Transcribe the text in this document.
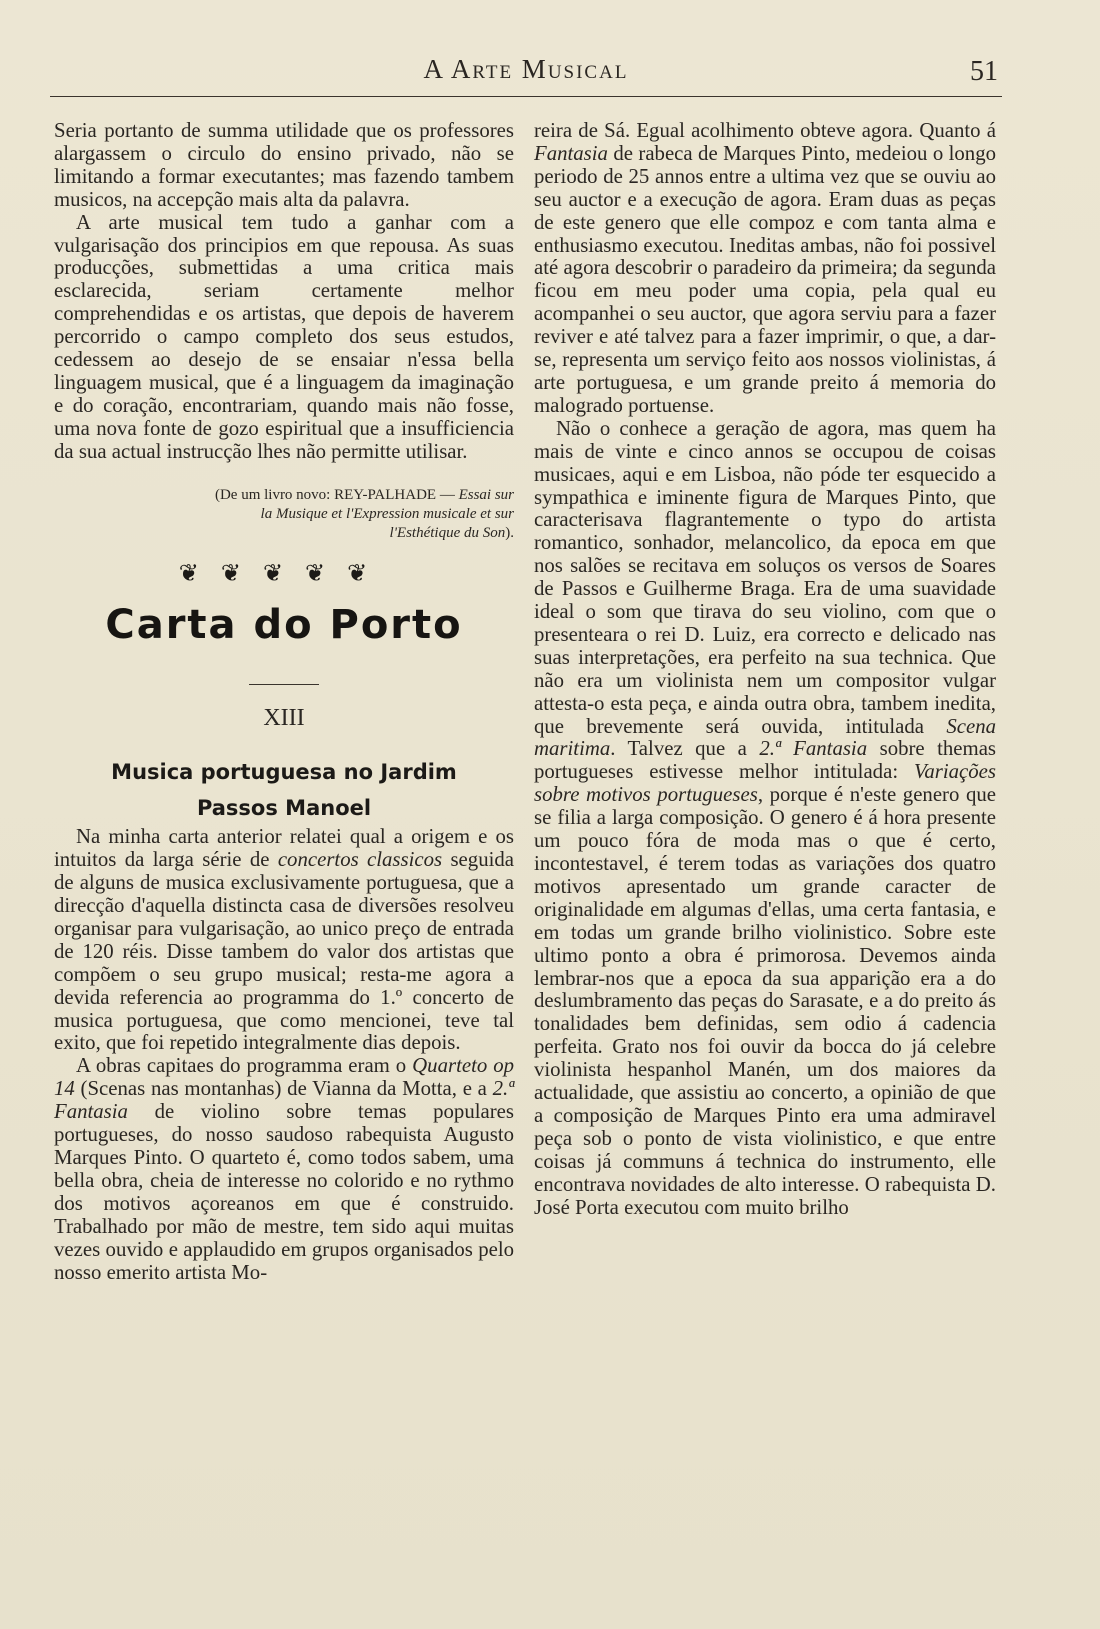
A Arte Musical	51

Seria portanto de summa utilidade que os professores alargassem o circulo do ensino privado, não se limitando a formar executantes; mas fazendo tambem musicos, na accepção mais alta da palavra.

A arte musical tem tudo a ganhar com a vulgarisação dos principios em que repousa. As suas producções, submettidas a uma critica mais esclarecida, seriam certamente melhor comprehendidas e os artistas, que depois de haverem percorrido o campo completo dos seus estudos, cedessem ao desejo de se ensaiar n'essa bella linguagem musical, que é a linguagem da imaginação e do coração, encontrariam, quando mais não fosse, uma nova fonte de gozo espiritual que a insufficiencia da sua actual instrucção lhes não permitte utilisar.

(De um livro novo: REY-PALHADE — Essai sur la Musique et l'Expression musicale et sur l'Esthétique du Son).
❦❦❦❦❦
Carta do Porto
XIII
Musica portuguesa no Jardim
Passos Manoel

Na minha carta anterior relatei qual a origem e os intuitos da larga série de concertos classicos seguida de alguns de musica exclusivamente portuguesa, que a direcção d'aquella distincta casa de diversões resolveu organisar para vulgarisação, ao unico preço de entrada de 120 réis. Disse tambem do valor dos artistas que compõem o seu grupo musical; resta-me agora a devida referencia ao programma do 1.º concerto de musica portuguesa, que como mencionei, teve tal exito, que foi repetido integralmente dias depois.

A obras capitaes do programma eram o Quarteto op 14 (Scenas nas montanhas) de Vianna da Motta, e a 2.ª Fantasia de violino sobre temas populares portugueses, do nosso saudoso rabequista Augusto Marques Pinto. O quarteto é, como todos sabem, uma bella obra, cheia de interesse no colorido e no rythmo dos motivos açoreanos em que é construido. Trabalhado por mão de mestre, tem sido aqui muitas vezes ouvido e applaudido em grupos organisados pelo nosso emerito artista Mo-

reira de Sá. Egual acolhimento obteve agora. Quanto á Fantasia de rabeca de Marques Pinto, medeiou o longo periodo de 25 annos entre a ultima vez que se ouviu ao seu auctor e a execução de agora. Eram duas as peças de este genero que elle compoz e com tanta alma e enthusiasmo executou. Ineditas ambas, não foi possivel até agora descobrir o paradeiro da primeira; da segunda ficou em meu poder uma copia, pela qual eu acompanhei o seu auctor, que agora serviu para a fazer reviver e até talvez para a fazer imprimir, o que, a dar-se, representa um serviço feito aos nossos violinistas, á arte portuguesa, e um grande preito á memoria do malogrado portuense.

Não o conhece a geração de agora, mas quem ha mais de vinte e cinco annos se occupou de coisas musicaes, aqui e em Lisboa, não póde ter esquecido a sympathica e iminente figura de Marques Pinto, que caracterisava flagrantemente o typo do artista romantico, sonhador, melancolico, da epoca em que nos salões se recitava em soluços os versos de Soares de Passos e Guilherme Braga. Era de uma suavidade ideal o som que tirava do seu violino, com que o presenteara o rei D. Luiz, era correcto e delicado nas suas interpretações, era perfeito na sua technica. Que não era um violinista nem um compositor vulgar attesta-o esta peça, e ainda outra obra, tambem inedita, que brevemente será ouvida, intitulada Scena maritima. Talvez que a 2.ª Fantasia sobre themas portugueses estivesse melhor intitulada: Variações sobre motivos portugueses, porque é n'este genero que se filia a larga composição. O genero é á hora presente um pouco fóra de moda mas o que é certo, incontestavel, é terem todas as variações dos quatro motivos apresentado um grande caracter de originalidade em algumas d'ellas, uma certa fantasia, e em todas um grande brilho violinistico. Sobre este ultimo ponto a obra é primorosa. Devemos ainda lembrar-nos que a epoca da sua apparição era a do deslumbramento das peças do Sarasate, e a do preito ás tonalidades bem definidas, sem odio á cadencia perfeita. Grato nos foi ouvir da bocca do já celebre violinista hespanhol Manén, um dos maiores da actualidade, que assistiu ao concerto, a opinião de que a composição de Marques Pinto era uma admiravel peça sob o ponto de vista violinistico, e que entre coisas já communs á technica do instrumento, elle encontrava novidades de alto interesse. O rabequista D. José Porta executou com muito brilho
